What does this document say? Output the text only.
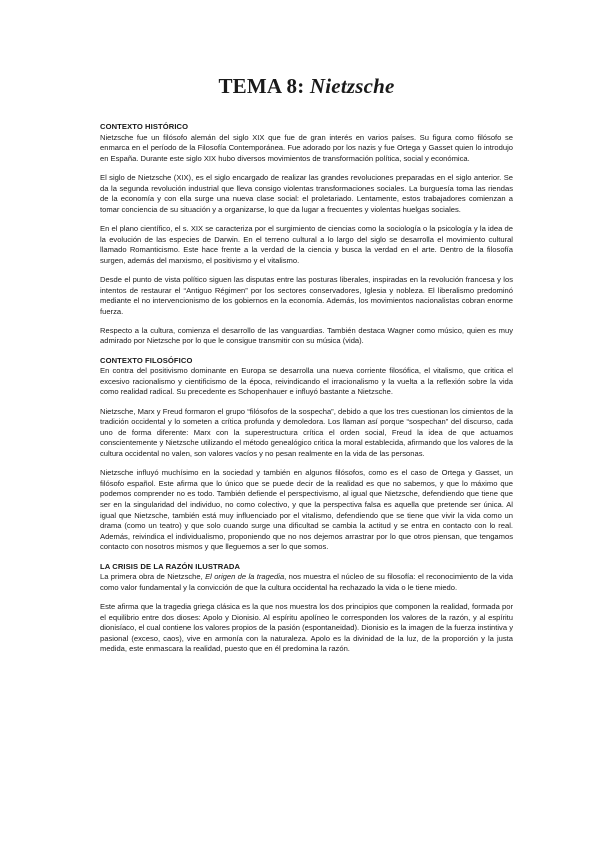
TEMA 8: Nietzsche

CONTEXTO HISTÓRICO

Nietzsche fue un filósofo alemán del siglo XIX que fue de gran interés en varios países. Su figura como filósofo se enmarca en el período de la Filosofía Contemporánea. Fue adorado por los nazis y fue Ortega y Gasset quien lo introdujo en España. Durante este siglo XIX hubo diversos movimientos de transformación política, social y económica.

El siglo de Nietzsche (XIX), es el siglo encargado de realizar las grandes revoluciones preparadas en el siglo anterior. Se da la segunda revolución industrial que lleva consigo violentas transformaciones sociales. La burguesía toma las riendas de la economía y con ella surge una nueva clase social: el proletariado. Lentamente, estos trabajadores comienzan a tomar conciencia de su situación y a organizarse, lo que da lugar a frecuentes y violentas huelgas sociales.

En el plano científico, el s. XIX se caracteriza por el surgimiento de ciencias como la sociología o la psicología y la idea de la evolución de las especies de Darwin. En el terreno cultural a lo largo del siglo se desarrolla el movimiento cultural llamado Romanticismo. Este hace frente a la verdad de la ciencia y busca la verdad en el arte. Dentro de la filosofía surgen, además del marxismo, el positivismo y el vitalismo.

Desde el punto de vista político siguen las disputas entre las posturas liberales, inspiradas en la revolución francesa y los intentos de restaurar el “Antiguo Régimen” por los sectores conservadores, Iglesia y nobleza. El liberalismo predominó mediante el no intervencionismo de los gobiernos en la economía. Además, los movimientos nacionalistas cobran enorme fuerza.

Respecto a la cultura, comienza el desarrollo de las vanguardias. También destaca Wagner como músico, quien es muy admirado por Nietzsche por lo que le consigue transmitir con su música (vida).

CONTEXTO FILOSÓFICO

En contra del positivismo dominante en Europa se desarrolla una nueva corriente filosófica, el vitalismo, que critica el excesivo racionalismo y cientificismo de la época, reivindicando el irracionalismo y la vuelta a la reflexión sobre la vida como realidad radical. Su precedente es Schopenhauer e influyó bastante a Nietzsche.

Nietzsche, Marx y Freud formaron el grupo “filósofos de la sospecha”, debido a que los tres cuestionan los cimientos de la tradición occidental y lo someten a crítica profunda y demoledora. Los llaman así porque “sospechan” del discurso, cada uno de forma diferente: Marx con la superestructura crítica el orden social, Freud la idea de que actuamos conscientemente y Nietzsche utilizando el método genealógico critica la moral establecida, afirmando que los valores de la cultura occidental no valen, son valores vacíos y no pesan realmente en la vida de las personas.

Nietzsche influyó muchísimo en la sociedad y también en algunos filósofos, como es el caso de Ortega y Gasset, un filósofo español. Este afirma que lo único que se puede decir de la realidad es que no sabemos, y que lo máximo que podemos comprender no es todo. También defiende el perspectivismo, al igual que Nietzsche, defendiendo que tiene que ser en la singularidad del individuo, no como colectivo, y que la perspectiva falsa es aquella que pretende ser única. Al igual que Nietzsche, también está muy influenciado por el vitalismo, defendiendo que se tiene que vivir la vida como un drama (como un teatro) y que solo cuando surge una dificultad se cambia la actitud y se entra en contacto con lo real. Además, reivindica el individualismo, proponiendo que no nos dejemos arrastrar por lo que otros piensan, que tengamos contacto con nosotros mismos y que lleguemos a ser lo que somos.

LA CRISIS DE LA RAZÓN ILUSTRADA

La primera obra de Nietzsche, El origen de la tragedia, nos muestra el núcleo de su filosofía: el reconocimiento de la vida como valor fundamental y la convicción de que la cultura occidental ha rechazado la vida o le tiene miedo.

Este afirma que la tragedia griega clásica es la que nos muestra los dos principios que componen la realidad, formada por el equilibrio entre dos dioses: Apolo y Dionisio. Al espíritu apolíneo le corresponden los valores de la razón, y al espíritu dionisíaco, el cual contiene los valores propios de la pasión (espontaneidad). Dionisio es la imagen de la fuerza instintiva y pasional (exceso, caos), vive en armonía con la naturaleza. Apolo es la divinidad de la luz, de la proporción y la justa medida, este enmascara la realidad, puesto que en él predomina la razón.
